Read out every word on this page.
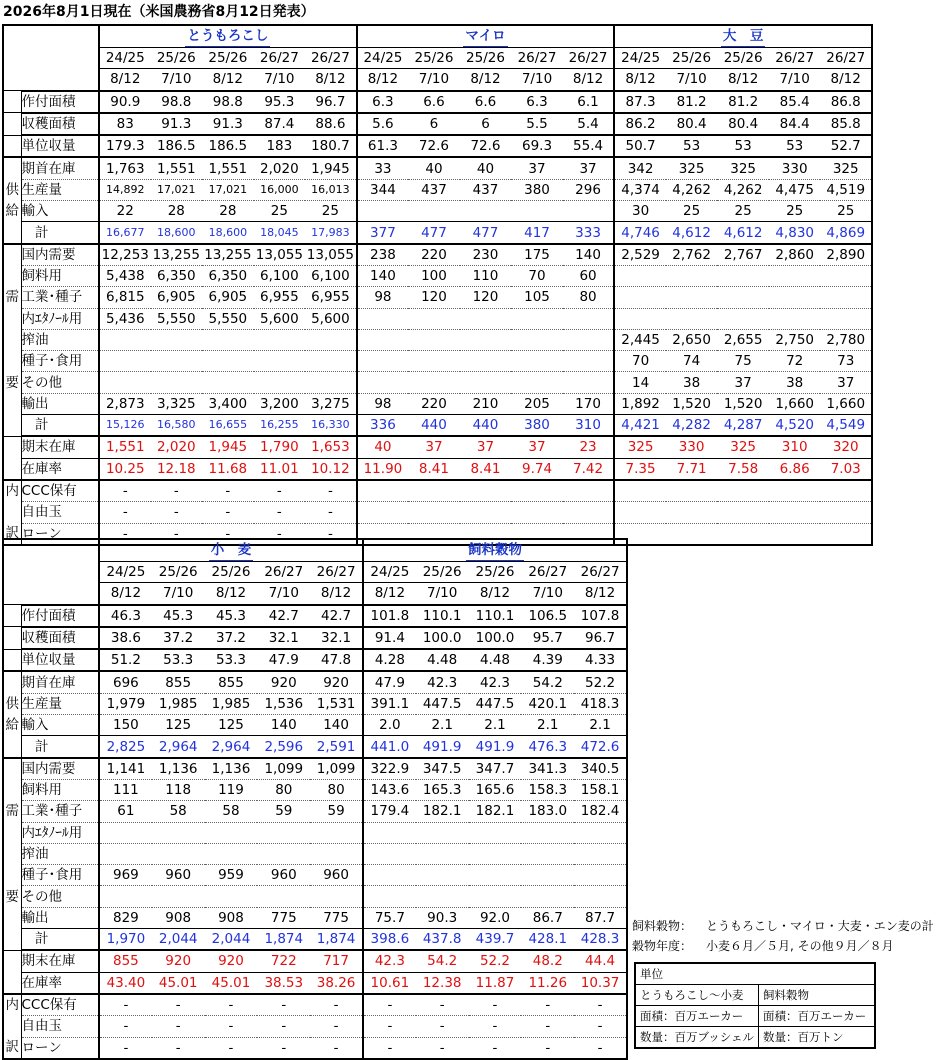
2026年8月1日現在（米国農務省8月12日発表）
		とうもろこし					マイロ					大　豆				
		24/25	25/26	25/26	26/27	26/27	24/25	25/26	25/26	26/27	26/27	24/25	25/26	25/26	26/27	26/27
		8/12	7/10	8/12	7/10	8/12	8/12	7/10	8/12	7/10	8/12	8/12	7/10	8/12	7/10	8/12
	作付面積	90.9	98.8	98.8	95.3	96.7	6.3	6.6	6.6	6.3	6.1	87.3	81.2	81.2	85.4	86.8
	収穫面積	83	91.3	91.3	87.4	88.6	5.6	6	6	5.5	5.4	86.2	80.4	80.4	84.4	85.8
	単位収量	179.3	186.5	186.5	183	180.7	61.3	72.6	72.6	69.3	55.4	50.7	53	53	53	52.7
	期首在庫	1,763	1,551	1,551	2,020	1,945	33	40	40	37	37	342	325	325	330	325
供	生産量	14,892	17,021	17,021	16,000	16,013	344	437	437	380	296	4,374	4,262	4,262	4,475	4,519
給	輸入	22	28	28	25	25						30	25	25	25	25
	　計	16,677	18,600	18,600	18,045	17,983	377	477	477	417	333	4,746	4,612	4,612	4,830	4,869
	国内需要	12,253	13,255	13,255	13,055	13,055	238	220	230	175	140	2,529	2,762	2,767	2,860	2,890
	飼料用	5,438	6,350	6,350	6,100	6,100	140	100	110	70	60					
需	工業･種子	6,815	6,905	6,905	6,955	6,955	98	120	120	105	80					
	内ｴﾀﾉｰﾙ用	5,436	5,550	5,550	5,600	5,600										
	搾油											2,445	2,650	2,655	2,750	2,780
	種子･食用											70	74	75	72	73
要	その他											14	38	37	38	37
	輸出	2,873	3,325	3,400	3,200	3,275	98	220	210	205	170	1,892	1,520	1,520	1,660	1,660
	　計	15,126	16,580	16,655	16,255	16,330	336	440	440	380	310	4,421	4,282	4,287	4,520	4,549
	期末在庫	1,551	2,020	1,945	1,790	1,653	40	37	37	37	23	325	330	325	310	320
	在庫率	10.25	12.18	11.68	11.01	10.12	11.90	8.41	8.41	9.74	7.42	7.35	7.71	7.58	6.86	7.03
内	CCC保有	-	-	-	-	-										
	自由玉	-	-	-	-	-										
訳	ローン	-	-	-	-	-										
		小　麦					飼料穀物				
		24/25	25/26	25/26	26/27	26/27	24/25	25/26	25/26	26/27	26/27
		8/12	7/10	8/12	7/10	8/12	8/12	7/10	8/12	7/10	8/12
	作付面積	46.3	45.3	45.3	42.7	42.7	101.8	110.1	110.1	106.5	107.8
	収穫面積	38.6	37.2	37.2	32.1	32.1	91.4	100.0	100.0	95.7	96.7
	単位収量	51.2	53.3	53.3	47.9	47.8	4.28	4.48	4.48	4.39	4.33
	期首在庫	696	855	855	920	920	47.9	42.3	42.3	54.2	52.2
供	生産量	1,979	1,985	1,985	1,536	1,531	391.1	447.5	447.5	420.1	418.3
給	輸入	150	125	125	140	140	2.0	2.1	2.1	2.1	2.1
	　計	2,825	2,964	2,964	2,596	2,591	441.0	491.9	491.9	476.3	472.6
	国内需要	1,141	1,136	1,136	1,099	1,099	322.9	347.5	347.7	341.3	340.5
	飼料用	111	118	119	80	80	143.6	165.3	165.6	158.3	158.1
需	工業･種子	61	58	58	59	59	179.4	182.1	182.1	183.0	182.4
	内ｴﾀﾉｰﾙ用										
	搾油										
	種子･食用	969	960	959	960	960					
要	その他										
	輸出	829	908	908	775	775	75.7	90.3	92.0	86.7	87.7
	　計	1,970	2,044	2,044	1,874	1,874	398.6	437.8	439.7	428.1	428.3
	期末在庫	855	920	920	722	717	42.3	54.2	52.2	48.2	44.4
	在庫率	43.40	45.01	45.01	38.53	38.26	10.61	12.38	11.87	11.26	10.37
内	CCC保有	-	-	-	-	-	-	-	-	-	-
	自由玉	-	-	-	-	-	-	-	-	-	-
訳	ローン	-	-	-	-	-	-	-	-	-	-
飼料穀物： とうもろこし・マイロ・大麦・エン麦の計
穀物年度： 小麦６月／５月, その他９月／８月
単位
とうもろこし～小麦	飼料穀物
面積：百万エーカー	面積：百万エーカー
数量：百万ブッシェル 数量：百万トン
